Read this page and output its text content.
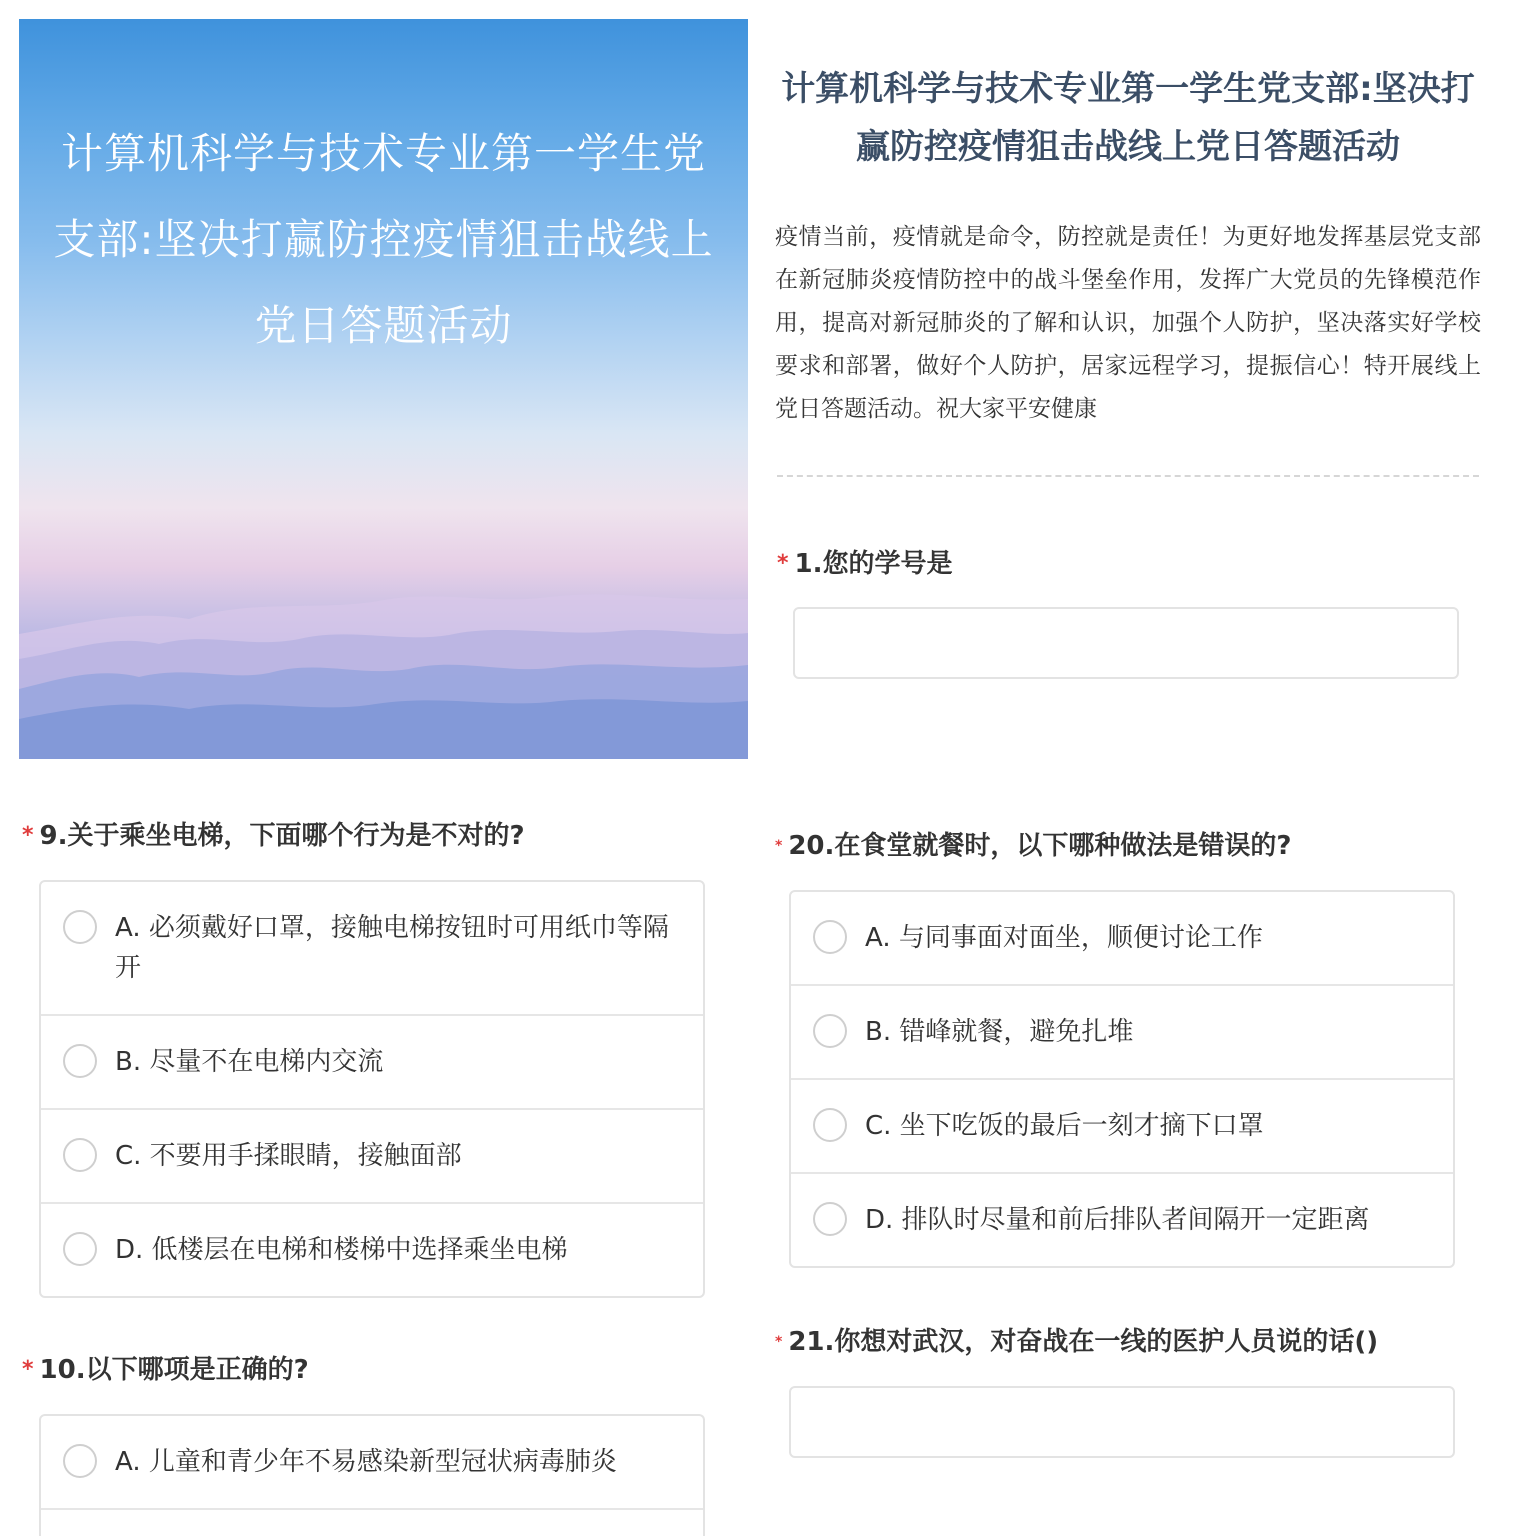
计算机科学与技术专业第一学生党支部:坚决打赢防控疫情狙击战线上党日答题活动
计算机科学与技术专业第一学生党支部:坚决打赢防控疫情狙击战线上党日答题活动
疫情当前，疫情就是命令，防控就是责任！为更好地发挥基层党支部在新冠肺炎疫情防控中的战斗堡垒作用，发挥广大党员的先锋模范作用，提高对新冠肺炎的了解和认识，加强个人防护，坚决落实好学校要求和部署，做好个人防护，居家远程学习，提振信心！特开展线上党日答题活动。祝大家平安健康
* 1.您的学号是
* 9.关于乘坐电梯，下面哪个行为是不对的?
A. 必须戴好口罩，接触电梯按钮时可用纸巾等隔开
B. 尽量不在电梯内交流
C. 不要用手揉眼睛，接触面部
D. 低楼层在电梯和楼梯中选择乘坐电梯
* 10.以下哪项是正确的?
A. 儿童和青少年不易感染新型冠状病毒肺炎
* 20.在食堂就餐时，以下哪种做法是错误的?
A. 与同事面对面坐，顺便讨论工作
B. 错峰就餐，避免扎堆
C. 坐下吃饭的最后一刻才摘下口罩
D. 排队时尽量和前后排队者间隔开一定距离
* 21.你想对武汉，对奋战在一线的医护人员说的话()
